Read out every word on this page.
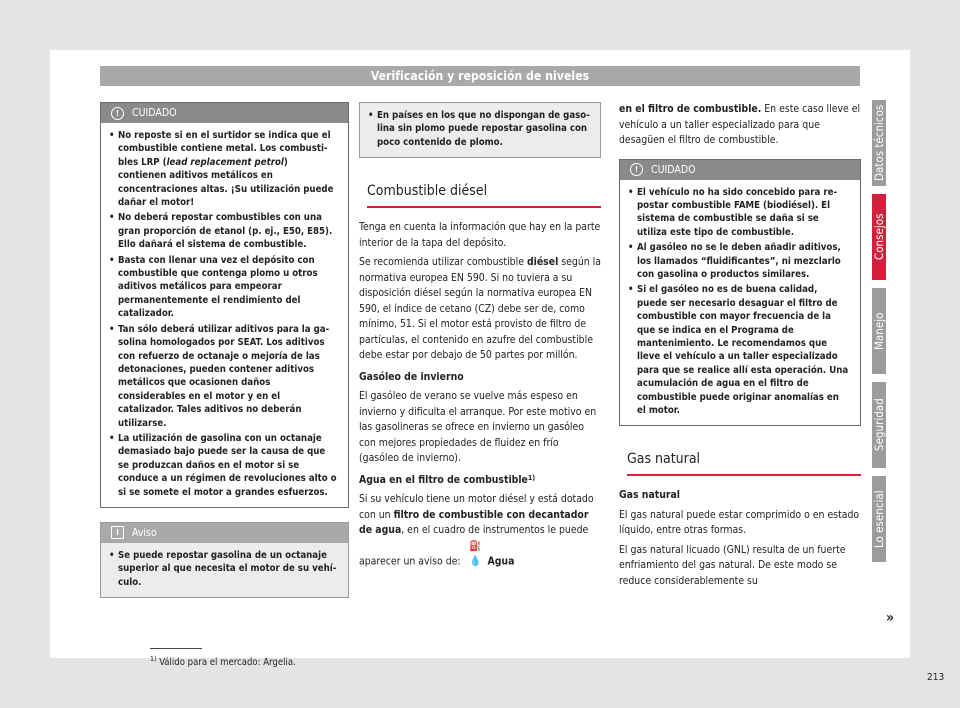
Verificación y reposición de niveles
!	CUIDADO
• No reposte si en el surtidor se indica que el combustible contiene metal. Los combustibles LRP (lead replacement petrol) contienen aditivos metálicos en concentraciones altas. ¡Su utilización puede dañar el motor!
• No deberá repostar combustibles con una gran proporción de etanol (p. ej., E50, E85). Ello dañará el sistema de combustible.
• Basta con llenar una vez el depósito con combustible que contenga plomo u otros aditivos metálicos para empeorar permanentemente el rendimiento del catalizador.
• Tan sólo deberá utilizar aditivos para la gasolina homologados por SEAT. Los aditivos con refuerzo de octanaje o mejoría de las detonaciones, pueden contener aditivos metálicos que ocasionen daños considerables en el motor y en el catalizador. Tales aditivos no deberán utilizarse.
• La utilización de gasolina con un octanaje demasiado bajo puede ser la causa de que se produzcan daños en el motor si se conduce a un régimen de revoluciones alto o si se somete el motor a grandes esfuerzos.
i	Aviso
• Se puede repostar gasolina de un octanaje superior al que necesita el motor de su vehículo.
• En países en los que no dispongan de gasolina sin plomo puede repostar gasolina con poco contenido de plomo.
Combustible diésel

Tenga en cuenta la información que hay en la parte interior de la tapa del depósito.

Se recomienda utilizar combustible diésel según la normativa europea EN 590. Si no tuviera a su disposición diésel según la normativa europea EN 590, el índice de cetano (CZ) debe ser de, como mínimo, 51. Si el motor está provisto de filtro de partículas, el contenido en azufre del combustible debe estar por debajo de 50 partes por millón.

Gasóleo de invierno

El gasóleo de verano se vuelve más espeso en invierno y dificulta el arranque. Por este motivo en las gasolineras se ofrece en invierno un gasóleo con mejores propiedades de fluidez en frío (gasóleo de invierno).

Agua en el filtro de combustible$^{1)}$

Si su vehículo tiene un motor diésel y está dotado con un filtro de combustible con decantador de agua, en el cuadro de instrumentos le puede aparecer un aviso de: ⛽💧 Agua

en el filtro de combustible. En este caso lleve el vehículo a un taller especializado para que desagüen el filtro de combustible.

!	CUIDADO
• El vehículo no ha sido concebido para repostar combustible FAME (biodiésel). El sistema de combustible se daña si se utiliza este tipo de combustible.
• Al gasóleo no se le deben añadir aditivos, los llamados “fluidificantes”, ni mezclarlo con gasolina o productos similares.
• Si el gasóleo no es de buena calidad, puede ser necesario desaguar el filtro de combustible con mayor frecuencia de la que se indica en el Programa de mantenimiento. Le recomendamos que lleve el vehículo a un taller especializado para que se realice allí esta operación. Una acumulación de agua en el filtro de combustible puede originar anomalías en el motor.
Gas natural

Gas natural

El gas natural puede estar comprimido o en estado líquido, entre otras formas.

El gas natural licuado (GNL) resulta de un fuerte enfriamiento del gas natural. De este modo se reduce considerablemente su

»
$^{1)}$ Válido para el mercado: Argelia.
213
Datos técnicos
Consejos
Manejo
Seguridad
Lo esencial
